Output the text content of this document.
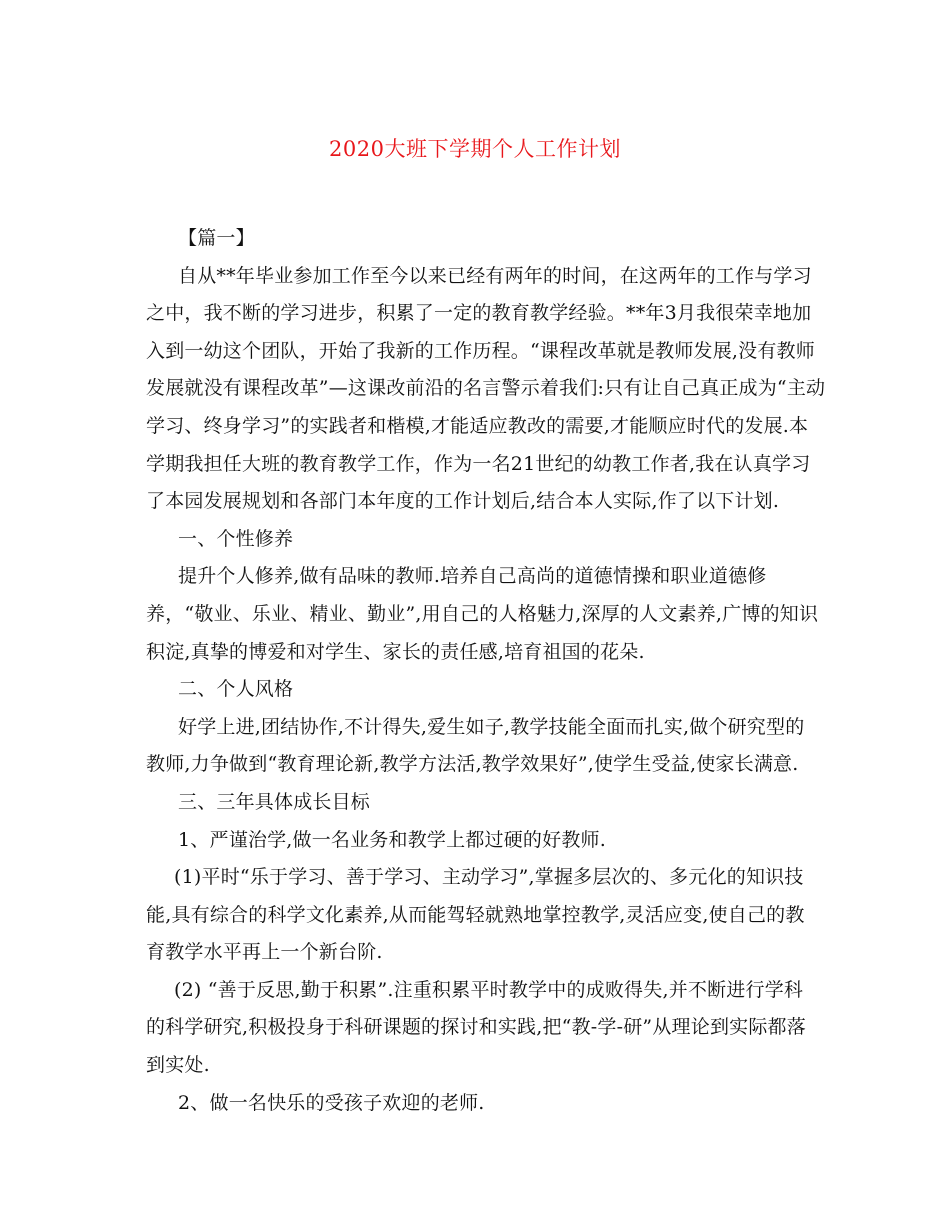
2020大班下学期个人工作计划
【篇一】
自从**年毕业参加工作至今以来已经有两年的时间，在这两年的工作与学习
之中，我不断的学习进步，积累了一定的教育教学经验。**年3月我很荣幸地加
入到一幼这个团队，开始了我新的工作历程。“课程改革就是教师发展,没有教师
发展就没有课程改革”—这课改前沿的名言警示着我们:只有让自己真正成为“主动
学习、终身学习”的实践者和楷模,才能适应教改的需要,才能顺应时代的发展.本
学期我担任大班的教育教学工作，作为一名21世纪的幼教工作者,我在认真学习
了本园发展规划和各部门本年度的工作计划后,结合本人实际,作了以下计划.
一、个性修养
提升个人修养,做有品味的教师.培养自己高尚的道德情操和职业道德修
养，“敬业、乐业、精业、勤业”,用自己的人格魅力,深厚的人文素养,广博的知识
积淀,真挚的博爱和对学生、家长的责任感,培育祖国的花朵.
二、个人风格
好学上进,团结协作,不计得失,爱生如子,教学技能全面而扎实,做个研究型的
教师,力争做到“教育理论新,教学方法活,教学效果好”,使学生受益,使家长满意.
三、三年具体成长目标
1、严谨治学,做一名业务和教学上都过硬的好教师.
(1)平时“乐于学习、善于学习、主动学习”,掌握多层次的、多元化的知识技
能,具有综合的科学文化素养,从而能驾轻就熟地掌控教学,灵活应变,使自己的教
育教学水平再上一个新台阶.
(2) “善于反思,勤于积累”.注重积累平时教学中的成败得失,并不断进行学科
的科学研究,积极投身于科研课题的探讨和实践,把“教-学-研”从理论到实际都落
到实处.
2、做一名快乐的受孩子欢迎的老师.
